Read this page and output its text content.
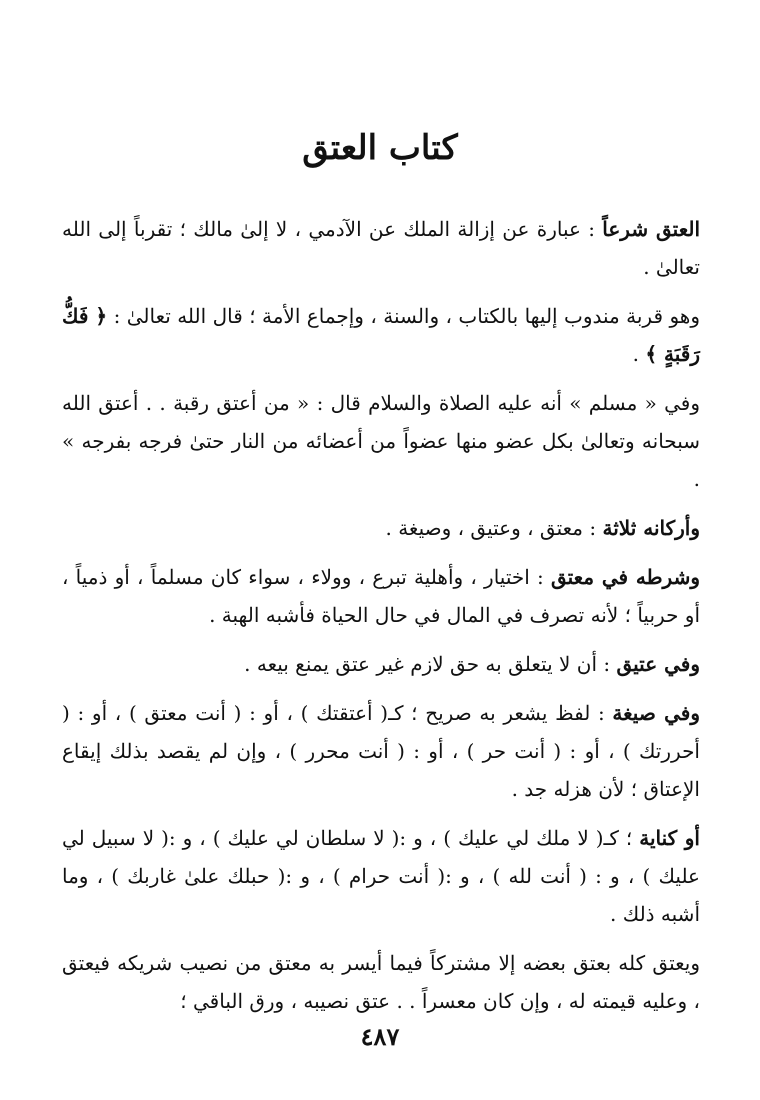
كتاب العتق

العتق شرعاً : عبارة عن إزالة الملك عن الآدمي ، لا إلىٰ مالك ؛ تقرباً إلى الله تعالىٰ .

وهو قربة مندوب إليها بالكتاب ، والسنة ، وإجماع الأمة ؛ قال الله تعالىٰ : ﴿ فَكُّ رَقَبَةٍ ﴾ .

وفي « مسلم » أنه عليه الصلاة والسلام قال : « من أعتق رقبة . . أعتق الله سبحانه وتعالىٰ بكل عضو منها عضواً من أعضائه من النار حتىٰ فرجه بفرجه » .

وأركانه ثلاثة : معتق ، وعتيق ، وصيغة .

وشرطه في معتق : اختيار ، وأهلية تبرع ، وولاء ، سواء كان مسلماً ، أو ذمياً ، أو حربياً ؛ لأنه تصرف في المال في حال الحياة فأشبه الهبة .

وفي عتيق : أن لا يتعلق به حق لازم غير عتق يمنع بيعه .

وفي صيغة : لفظ يشعر به صريح ؛ كـ( أعتقتك ) ، أو : ( أنت معتق ) ، أو : ( أحررتك ) ، أو : ( أنت حر ) ، أو : ( أنت محرر ) ، وإن لم يقصد بذلك إيقاع الإعتاق ؛ لأن هزله جد .

أو كناية ؛ كـ( لا ملك لي عليك ) ، و :( لا سلطان لي عليك ) ، و :( لا سبيل لي عليك ) ، و : ( أنت لله ) ، و :( أنت حرام ) ، و :( حبلك علىٰ غاربك ) ، وما أشبه ذلك .

ويعتق كله بعتق بعضه إلا مشتركاً فيما أيسر به معتق من نصيب شريكه فيعتق ، وعليه قيمته له ، وإن كان معسراً . . عتق نصيبه ، ورق الباقي ؛

٤٨٧
